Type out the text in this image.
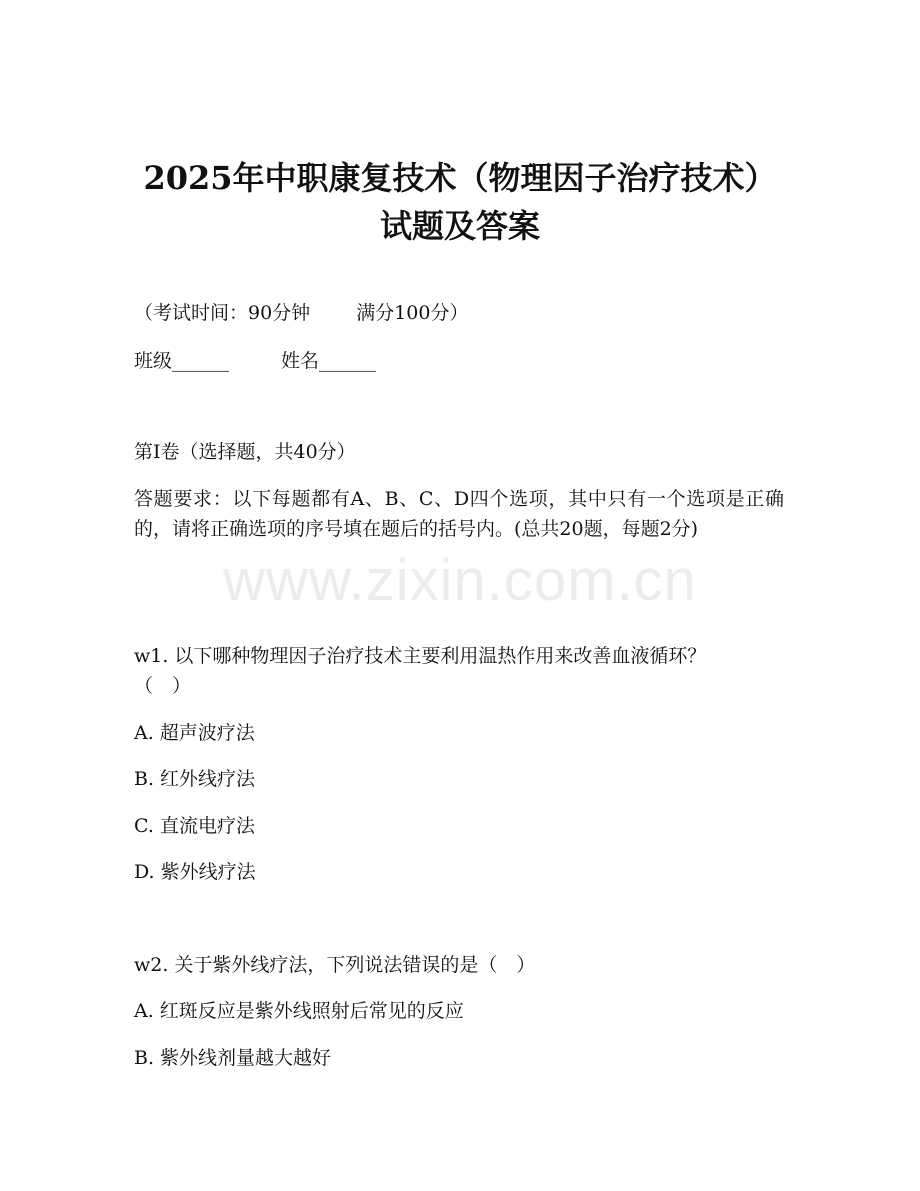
2025年中职康复技术（物理因子治疗技术）
试题及答案
（考试时间：90分钟 满分100分）
班级______	姓名______
第Ⅰ卷（选择题，共40分）
答题要求：以下每题都有A、B、C、D四个选项，其中只有一个选项是正确的，请将正确选项的序号填在题后的括号内。(总共20题，每题2分)
www.zixin.com.cn
w1. 以下哪种物理因子治疗技术主要利用温热作用来改善血液循环？
（　）
A. 超声波疗法
B. 红外线疗法
C. 直流电疗法
D. 紫外线疗法
w2. 关于紫外线疗法，下列说法错误的是（　）
A. 红斑反应是紫外线照射后常见的反应
B. 紫外线剂量越大越好
